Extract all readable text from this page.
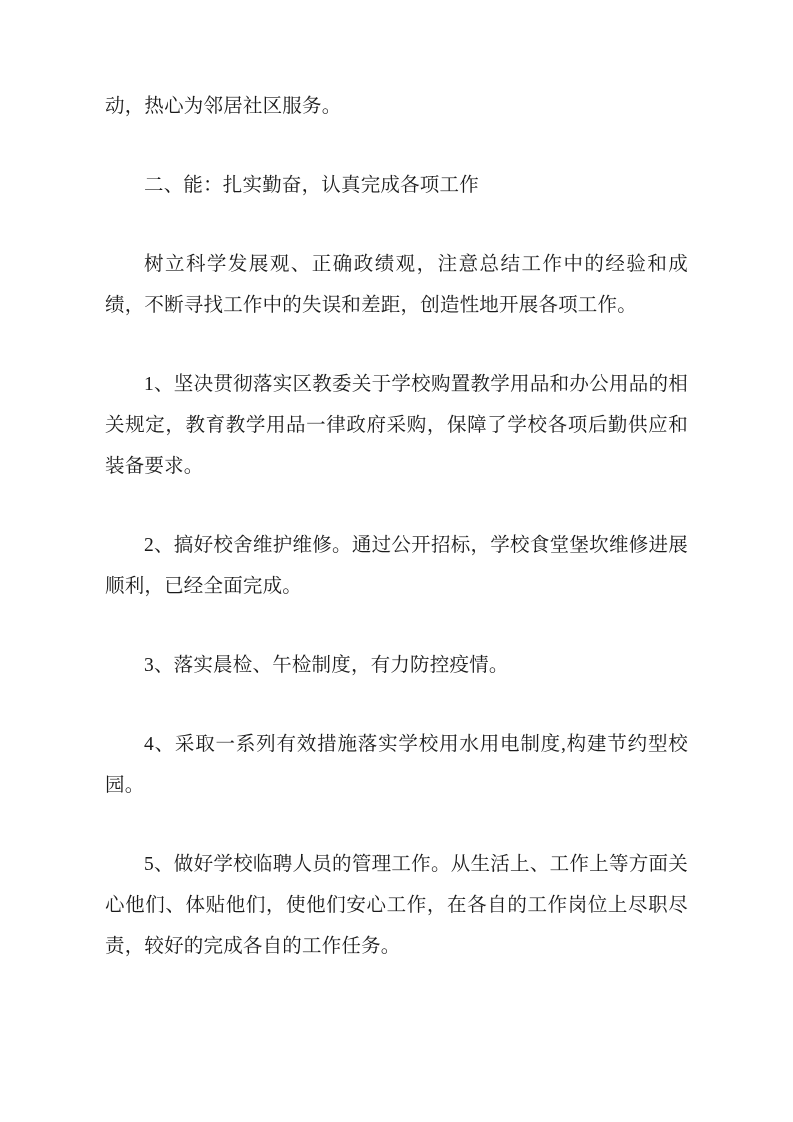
动，热心为邻居社区服务。

二、能：扎实勤奋，认真完成各项工作

树立科学发展观、正确政绩观，注意总结工作中的经验和成绩，不断寻找工作中的失误和差距，创造性地开展各项工作。

1、坚决贯彻落实区教委关于学校购置教学用品和办公用品的相关规定，教育教学用品一律政府采购，保障了学校各项后勤供应和装备要求。

2、搞好校舍维护维修。通过公开招标，学校食堂堡坎维修进展顺利，已经全面完成。

3、落实晨检、午检制度，有力防控疫情。

4、采取一系列有效措施落实学校用水用电制度,构建节约型校园。

5、做好学校临聘人员的管理工作。从生活上、工作上等方面关心他们、体贴他们，使他们安心工作，在各自的工作岗位上尽职尽责，较好的完成各自的工作任务。
